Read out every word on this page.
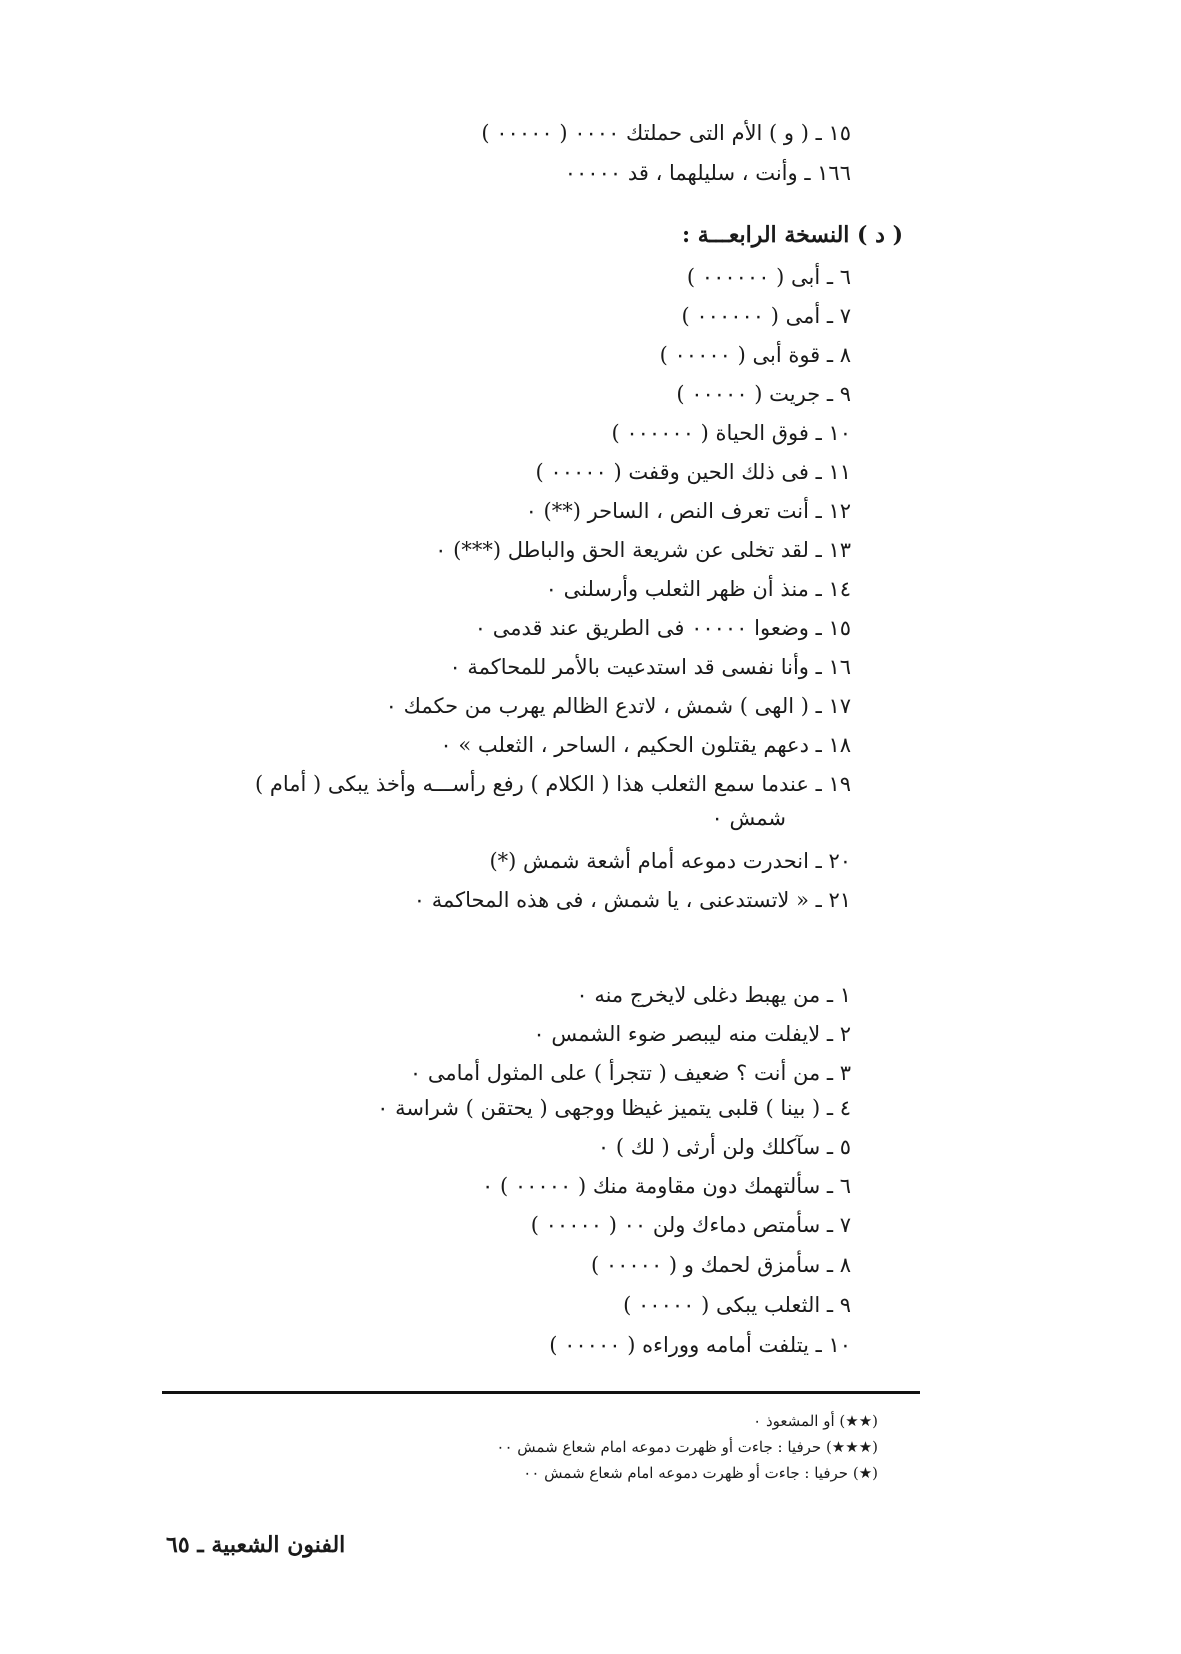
١٥ ـ ( و ) الأم التى حملتك ٠٠٠٠ ( ٠٠٠٠٠ )
١٦٦ ـ وأنت ، سليلهما ، قد ٠٠٠٠٠
( د ) النسخة الرابعـــة :
٦ ـ أبى ( ٠٠٠٠٠٠ )
٧ ـ أمى ( ٠٠٠٠٠٠ )
٨ ـ قوة أبى ( ٠٠٠٠٠ )
٩ ـ جريت ( ٠٠٠٠٠ )
١٠ ـ فوق الحياة ( ٠٠٠٠٠٠ )
١١ ـ فى ذلك الحين وقفت ( ٠٠٠٠٠ )
١٢ ـ أنت تعرف النص ، الساحر (**) ٠
١٣ ـ لقد تخلى عن شريعة الحق والباطل (***) ٠
١٤ ـ منذ أن ظهر الثعلب وأرسلنى ٠
١٥ ـ وضعوا ٠٠٠٠٠ فى الطريق عند قدمى ٠
١٦ ـ وأنا نفسى قد استدعيت بالأمر للمحاكمة ٠
١٧ ـ ( الهى ) شمش ، لاتدع الظالم يهرب من حكمك ٠
١٨ ـ دعهم يقتلون الحكيم ، الساحر ، الثعلب » ٠
١٩ ـ عندما سمع الثعلب هذا ( الكلام ) رفع رأســـه وأخذ يبكى ( أمام )
شمش ٠
٢٠ ـ انحدرت دموعه أمام أشعة شمش (*)
٢١ ـ « لاتستدعنى ، يا شمش ، فى هذه المحاكمة ٠
١ ـ من يهبط دغلى لايخرج منه ٠
٢ ـ لايفلت منه ليبصر ضوء الشمس ٠
٣ ـ من أنت ؟ ضعيف ( تتجرأ ) على المثول أمامى ٠
٤ ـ ( بينا ) قلبى يتميز غيظا ووجهى ( يحتقن ) شراسة ٠
٥ ـ سآكلك ولن أرثى ( لك ) ٠
٦ ـ سألتهمك دون مقاومة منك ( ٠٠٠٠٠ ) ٠
٧ ـ سأمتص دماءك ولن ٠٠ ( ٠٠٠٠٠ )
٨ ـ سأمزق لحمك و ( ٠٠٠٠٠ )
٩ ـ الثعلب يبكى ( ٠٠٠٠٠ )
١٠ ـ يتلفت أمامه ووراءه ( ٠٠٠٠٠ )
(★★) أو المشعوذ ٠
(★★★) حرفيا : جاءت أو ظهرت دموعه امام شعاع شمش ٠٠
(★) حرفيا : جاءت أو ظهرت دموعه امام شعاع شمش ٠٠
الفنون الشعبية ـ ٦٥
